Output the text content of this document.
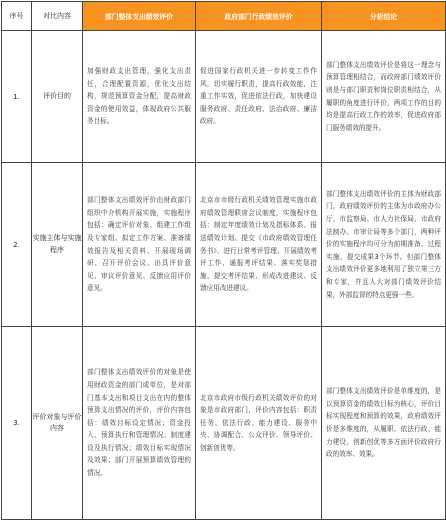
序号	对比内容	部门整体支出绩效评价	政府部门行政绩效评价	分析结论
1.	评价目的	加强财政支出管理，强化支出责任，合理配置资源，优化支出结构，规范预算资金分配，提高财政资金的使用效益，体现政府公共服务目标。	促进国家行政机关进一步转变工作作风，切实履行职责，提高行政效能，注重工作实效，促进依法行政，加快建设服务政府、责任政府、法治政府、廉洁政府。	部门整体支出绩效评价是将这一理念与预算管理相结合，而政府部门绩效评价则是与部门职责和岗位职责相结合，从履职的角度进行评价，两项工作的目的均是提高行政工作的效率，促进政府部门服务绩效的提升。

2.	实施主体与实施程序	部门整体支出绩效评价由财政部门组织中介机构开展实施，实施程序包括：确定评价对象、组建工作组及专家组、拟定工作方案、准备绩效报告及相关资料、开展现场调研、召开评价会议、出具评价意见、审议评价意见、反馈应用评价意见。	北京市市级行政机关绩效管理实施市政府绩效管理联席会议制度，实施程序包括：制定年度绩效计划及指标体系、报送绩效计划、提交《市政府绩效管理任务书》、进行日常考评管理、开展绩效考评工作、通报考评结果、落实奖惩措施、提交考评结果、形成改进建议、反馈应用改进建议。	部门整体支出绩效评价的主体为财政部门，政府绩效评价的主体为市政府办公厅、市监察局、市人力社保局、市政府法制办、市审计局等多个部门，两种评价的实施程序均可分为前期准备、过程实施、提交成果3个环节。但部门整体支出绩效评价更多地利用了独立第三方和专家，并且人大对部门绩效评价结果，外部监督的特点更强一些。

3.	评价对象与评价内容	部门整体支出绩效评价的对象是使用财政资金的部门或单位，是对部门基本支出和项目支出在内的整体预算支出情况的评价，评价内容包括：绩效目标设定情况；资金投入、预算执行和管理情况；制度建设及执行情况；绩效目标实现情况及效果；部门开展预算绩效管理的情况。	北京市政府市级行政机关绩效评价的对象是市政府部门，评价内容包括：职责任务、依法行政、能力建设、服务中央、协调配合、公众评价、领导评价、创新创优等。	部门整体支出绩效评价是单维度的，是以预算资金的绩效目标为核心，评价目标实现程度和预算的效果，政府绩效评价是多维度的，从履职、依法行政、能力建设、创新创优等多方面评价政府行政的效率、效果。
